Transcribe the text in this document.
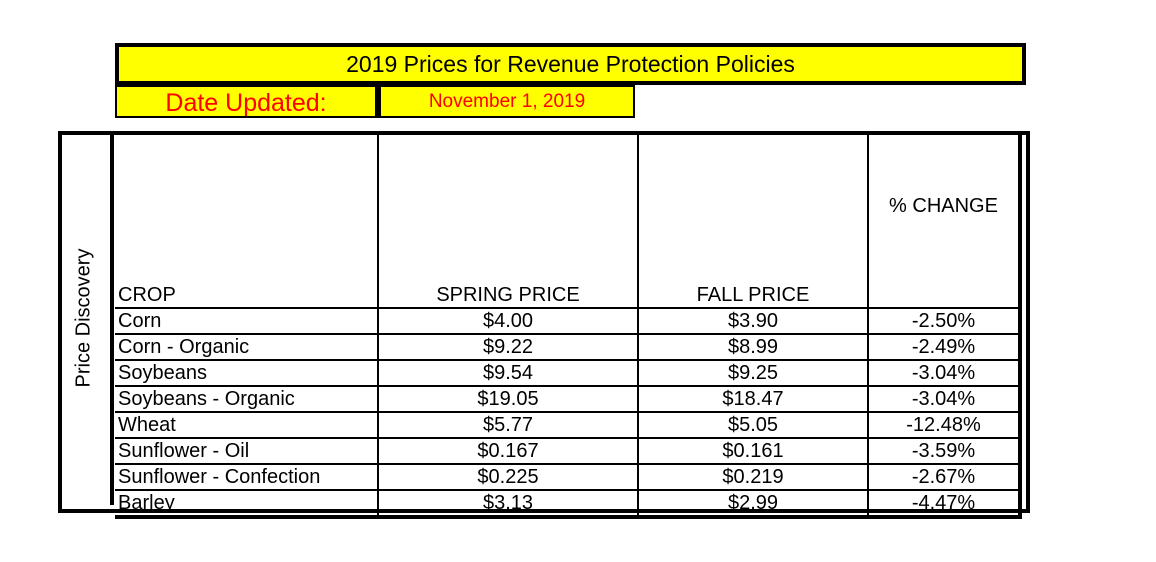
2019 Prices for Revenue Protection Policies
Date Updated:	November 1, 2019
Price Discovery CROP	SPRING PRICE	FALL PRICE	% CHANGE
Corn	$4.00	$3.90	-2.50%
Corn - Organic	$9.22	$8.99	-2.49%
Soybeans	$9.54	$9.25	-3.04%
Soybeans - Organic	$19.05	$18.47	-3.04%
Wheat	$5.77	$5.05	-12.48%
Sunflower - Oil	$0.167	$0.161	-3.59%
Sunflower - Confection	$0.225	$0.219	-2.67%
Barley	$3.13	$2.99	-4.47%
